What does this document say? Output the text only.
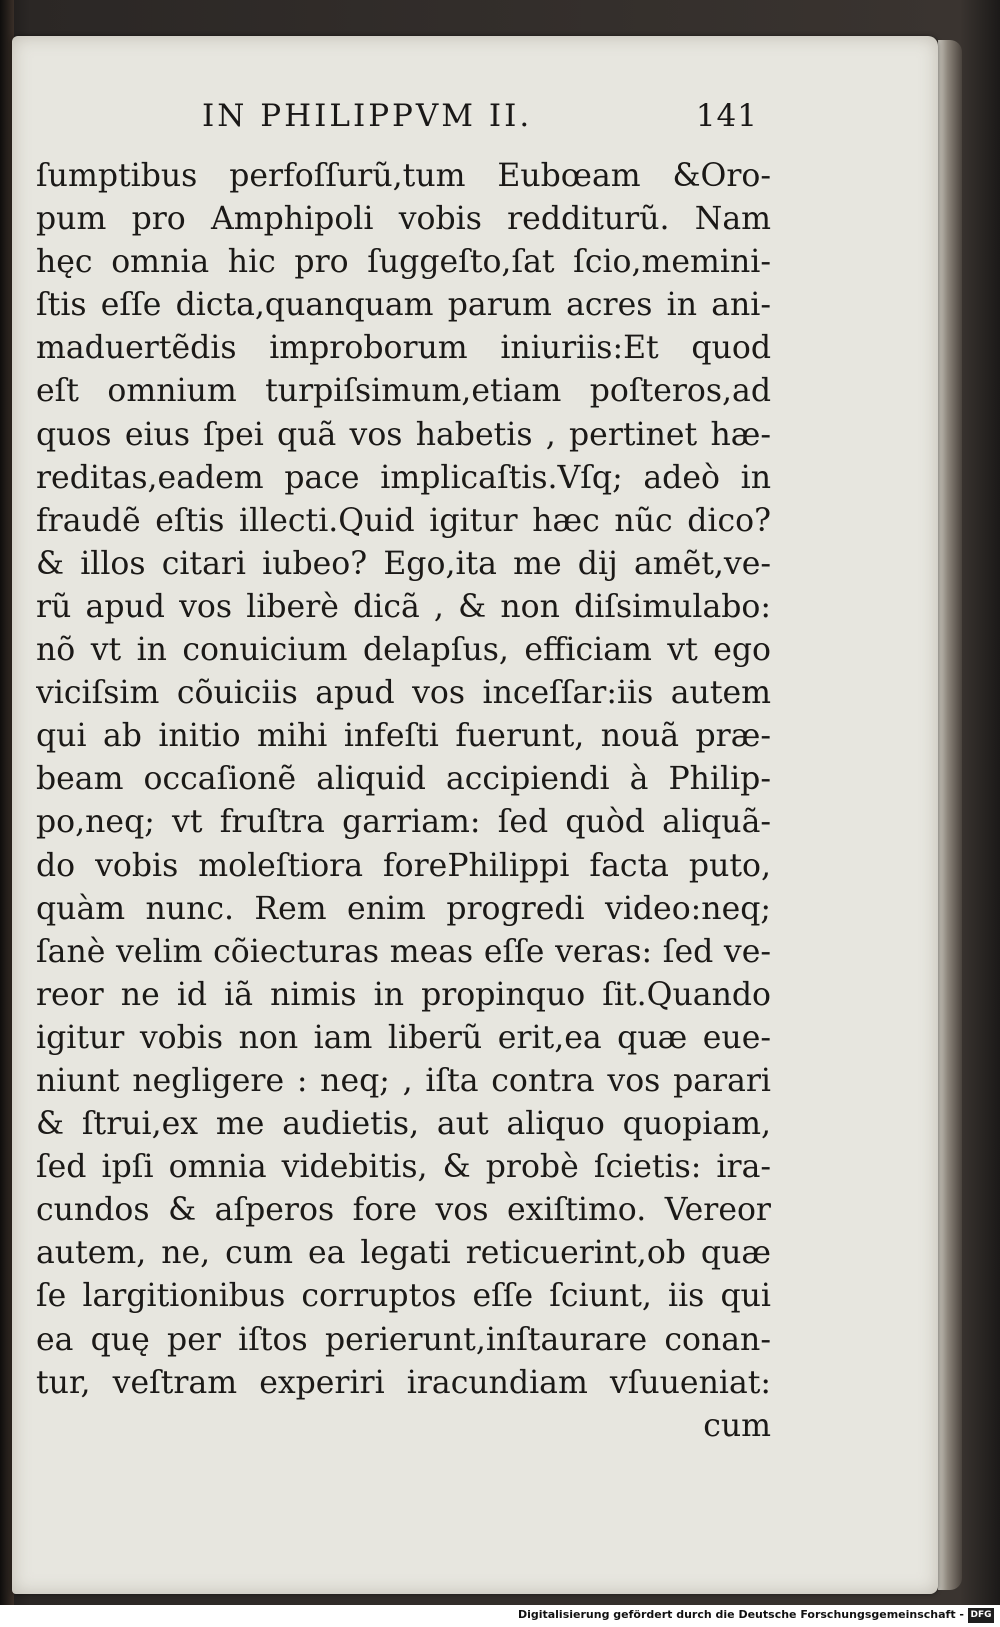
IN PHILIPPVM II.	141
ſumptibus perfoſſurũ,tum Eubœam &Oro-
pum pro Amphipoli vobis redditurũ. Nam
hęc omnia hic pro ſuggeſto,ſat ſcio,memini-
ſtis eſſe dicta,quanquam parum acres in ani-
maduertẽdis improborum iniuriis:Et quod
eſt omnium turpiſsimum,etiam poſteros,ad
quos eius ſpei quã vos habetis , pertinet hæ-
reditas,eadem pace implicaſtis.Vſq; adeò in
fraudẽ eſtis illecti.Quid igitur hæc nũc dico?
& illos citari iubeo? Ego,ita me dij amẽt,ve-
rũ apud vos liberè dicã , & non diſsimulabo:
nõ vt in conuicium delapſus, efficiam vt ego
viciſsim cõuiciis apud vos inceſſar:iis autem
qui ab initio mihi infeſti fuerunt, nouã præ-
beam occaſionẽ aliquid accipiendi à Philip-
po,neq; vt fruſtra garriam: ſed quòd aliquã-
do vobis moleſtiora forePhilippi facta puto,
quàm nunc. Rem enim progredi video:neq;
ſanè velim cõiecturas meas eſſe veras: ſed ve-
reor ne id iã nimis in propinquo ſit.Quando
igitur vobis non iam liberũ erit,ea quæ eue-
niunt negligere : neq; , iſta contra vos parari
& ſtrui,ex me audietis, aut aliquo quopiam,
ſed ipſi omnia videbitis, & probè ſcietis: ira-
cundos & aſperos fore vos exiſtimo. Vereor
autem, ne, cum ea legati reticuerint,ob quæ
ſe largitionibus corruptos eſſe ſciunt, iis qui
ea quę per iſtos perierunt,inſtaurare conan-
tur, veſtram experiri iracundiam vſuueniat:
cum
Digitalisierung gefördert durch die Deutsche Forschungsgemeinschaft - DFG
